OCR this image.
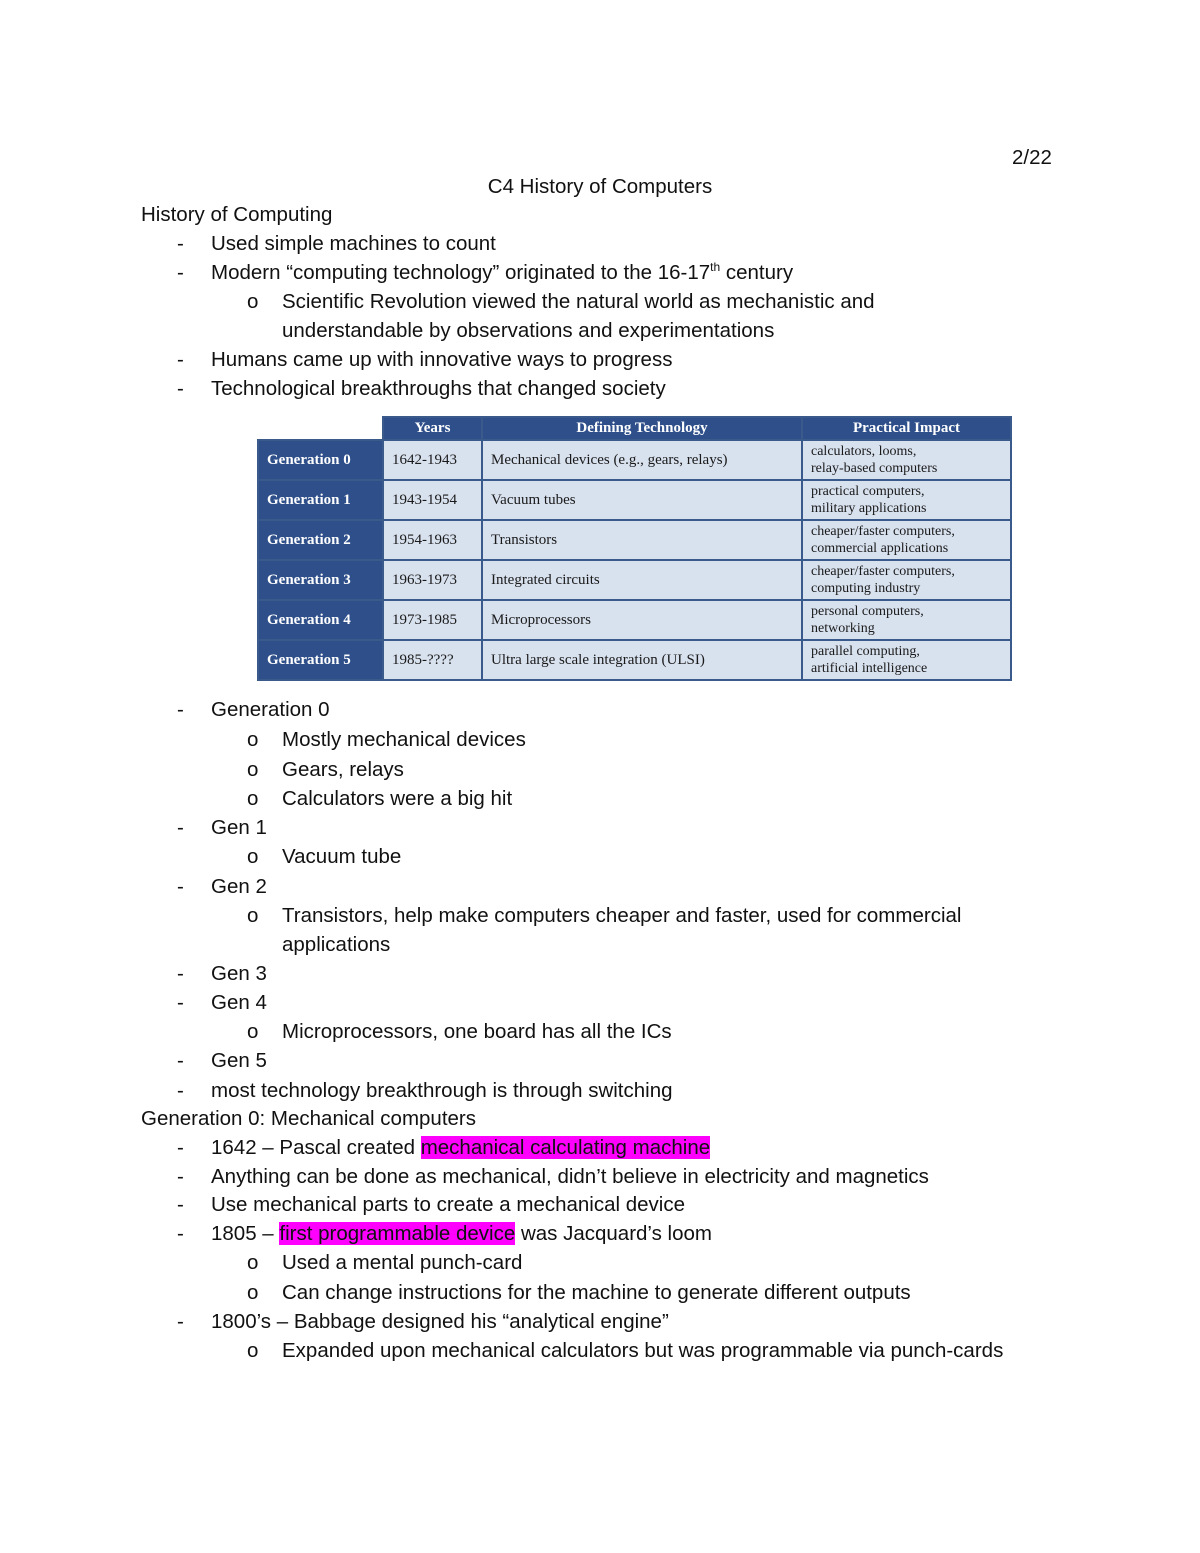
2/22
C4 History of Computers
History of Computing
- Used simple machines to count
- Modern “computing technology” originated to the 16-17th century
o Scientific Revolution viewed the natural world as mechanistic and
understandable by observations and experimentations
- Humans came up with innovative ways to progress
- Technological breakthroughs that changed society
	Years	Defining Technology	Practical Impact
Generation 0	1642-1943	Mechanical devices (e.g., gears, relays)	calculators, looms,
relay-based computers
Generation 1	1943-1954	Vacuum tubes	practical computers,
military applications
Generation 2	1954-1963	Transistors	cheaper/faster computers,
commercial applications
Generation 3	1963-1973	Integrated circuits	cheaper/faster computers,
computing industry
Generation 4	1973-1985	Microprocessors	personal computers,
networking
Generation 5	1985-????	Ultra large scale integration (ULSI)	parallel computing,
artificial intelligence
- Generation 0
o Mostly mechanical devices
o Gears, relays
o Calculators were a big hit
- Gen 1
o Vacuum tube
- Gen 2
o Transistors, help make computers cheaper and faster, used for commercial
applications
- Gen 3
- Gen 4
o Microprocessors, one board has all the ICs
- Gen 5
- most technology breakthrough is through switching
Generation 0: Mechanical computers
- 1642 – Pascal created mechanical calculating machine
- Anything can be done as mechanical, didn’t believe in electricity and magnetics
- Use mechanical parts to create a mechanical device
- 1805 – first programmable device was Jacquard’s loom
o Used a mental punch-card
o Can change instructions for the machine to generate different outputs
- 1800’s – Babbage designed his “analytical engine”
o Expanded upon mechanical calculators but was programmable via punch-cards
